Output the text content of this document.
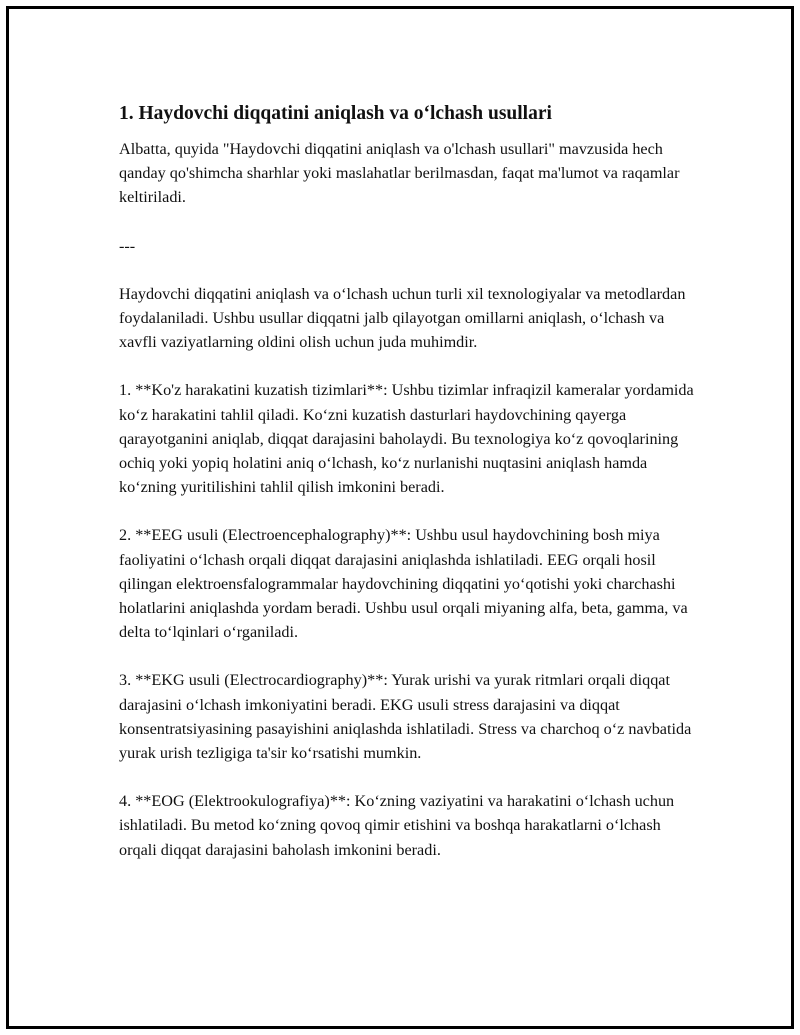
1. Haydovchi diqqatini aniqlash va o‘lchash usullari

Albatta, quyida "Haydovchi diqqatini aniqlash va o'lchash usullari" mavzusida hech qanday qo'shimcha sharhlar yoki maslahatlar berilmasdan, faqat ma'lumot va raqamlar keltiriladi.

---

Haydovchi diqqatini aniqlash va o‘lchash uchun turli xil texnologiyalar va metodlardan foydalaniladi. Ushbu usullar diqqatni jalb qilayotgan omillarni aniqlash, o‘lchash va xavfli vaziyatlarning oldini olish uchun juda muhimdir.

1. **Ko'z harakatini kuzatish tizimlari**: Ushbu tizimlar infraqizil kameralar yordamida ko‘z harakatini tahlil qiladi. Ko‘zni kuzatish dasturlari haydovchining qayerga qarayotganini aniqlab, diqqat darajasini baholaydi. Bu texnologiya ko‘z qovoqlarining ochiq yoki yopiq holatini aniq o‘lchash, ko‘z nurlanishi nuqtasini aniqlash hamda ko‘zning yuritilishini tahlil qilish imkonini beradi.

2. **EEG usuli (Electroencephalography)**: Ushbu usul haydovchining bosh miya faoliyatini o‘lchash orqali diqqat darajasini aniqlashda ishlatiladi. EEG orqali hosil qilingan elektroensfalogrammalar haydovchining diqqatini yo‘qotishi yoki charchashi holatlarini aniqlashda yordam beradi. Ushbu usul orqali miyaning alfa, beta, gamma, va delta to‘lqinlari o‘rganiladi.

3. **EKG usuli (Electrocardiography)**: Yurak urishi va yurak ritmlari orqali diqqat darajasini o‘lchash imkoniyatini beradi. EKG usuli stress darajasini va diqqat konsentratsiyasining pasayishini aniqlashda ishlatiladi. Stress va charchoq o‘z navbatida yurak urish tezligiga ta'sir ko‘rsatishi mumkin.

4. **EOG (Elektrookulografiya)**: Ko‘zning vaziyatini va harakatini o‘lchash uchun ishlatiladi. Bu metod ko‘zning qovoq qimir etishini va boshqa harakatlarni o‘lchash orqali diqqat darajasini baholash imkonini beradi.
